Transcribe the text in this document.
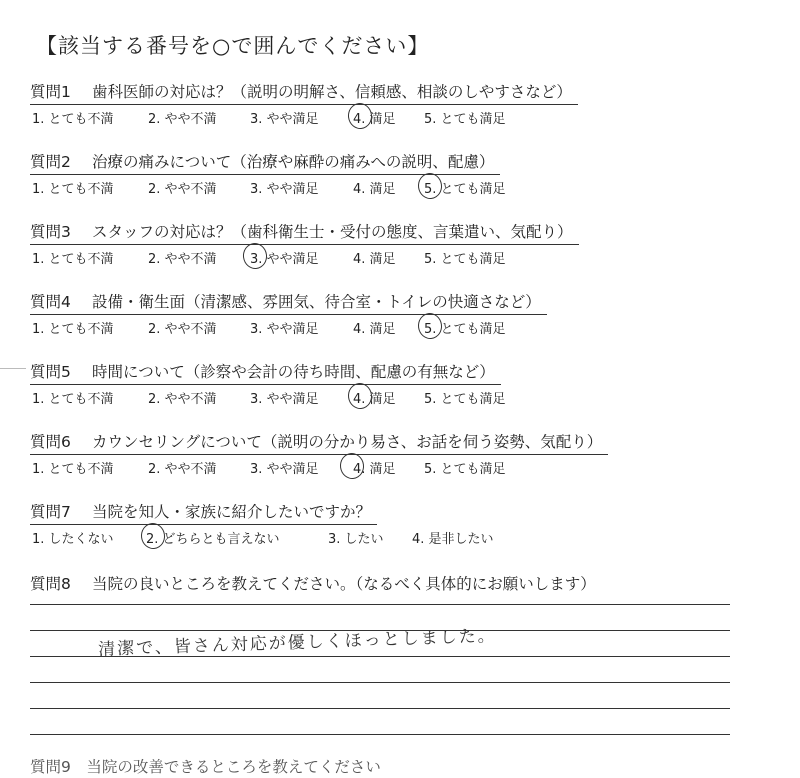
【該当する番号を○で囲んでください】
質問1 歯科医師の対応は？（説明の明解さ、信頼感、相談のしやすさなど）
1. とても不満	2. やや不満	3. やや満足	4. 満足 5. とても満足
質問2 治療の痛みについて（治療や麻酔の痛みへの説明、配慮）
1. とても不満	2. やや不満	3. やや満足	4. 満足 5. とても満足
質問3 スタッフの対応は？（歯科衛生士・受付の態度、言葉遣い、気配り）
1. とても不満	2. やや不満	3. やや満足	4. 満足 5. とても満足
質問4 設備・衛生面（清潔感、雰囲気、待合室・トイレの快適さなど）
1. とても不満	2. やや不満	3. やや満足	4. 満足 5. とても満足
質問5 時間について（診察や会計の待ち時間、配慮の有無など）
1. とても不満	2. やや不満	3. やや満足	4. 満足 5. とても満足
質問6 カウンセリングについて（説明の分かり易さ、お話を伺う姿勢、気配り）
1. とても不満	2. やや不満	3. やや満足	4. 満足 5. とても満足
質問7 当院を知人・家族に紹介したいですか？
1. したくない 2. どちらとも言えない	3. したい 4. 是非したい
質問8 当院の良いところを教えてください。（なるべく具体的にお願いします）
清潔で、皆さん対応が優しくほっとしました。
質問9　当院の改善できるところを教えてください
